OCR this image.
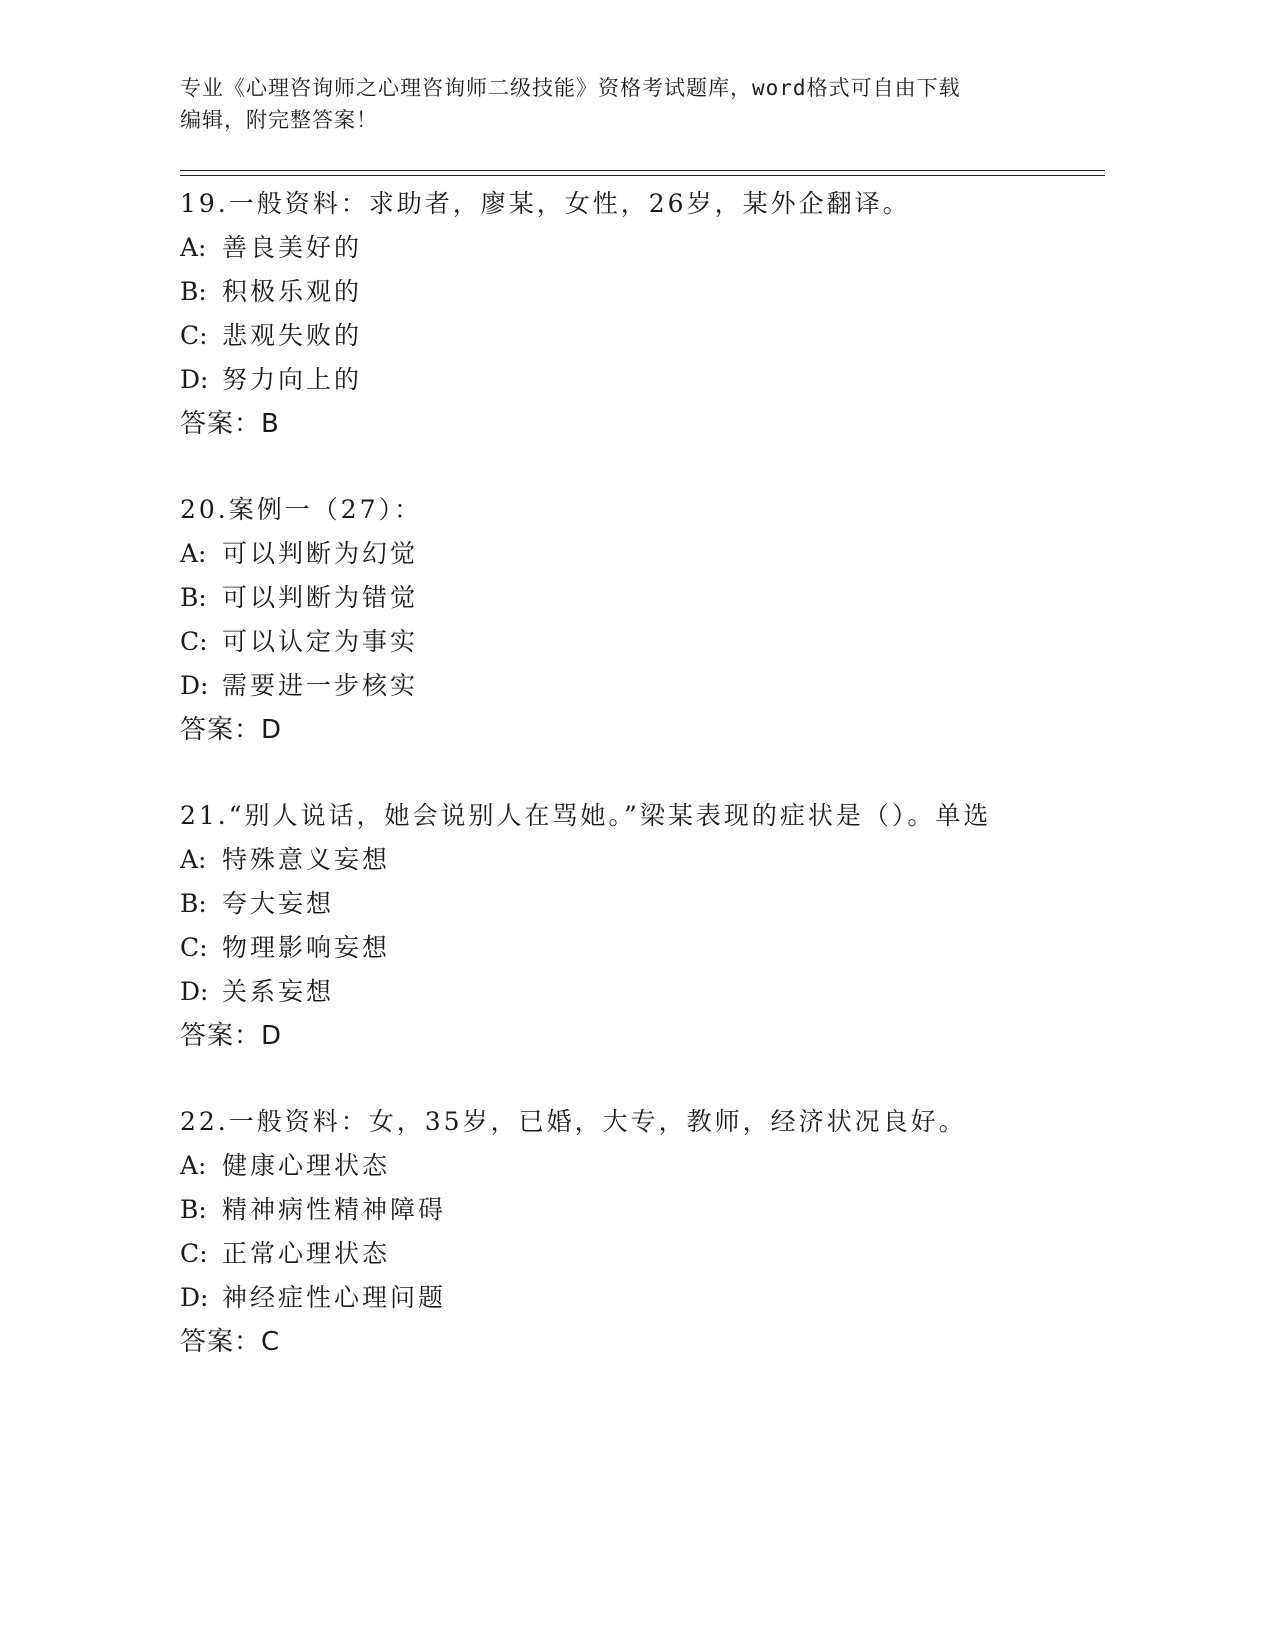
专业《心理咨询师之心理咨询师二级技能》资格考试题库，word格式可自由下载
编辑，附完整答案！
19.一般资料：求助者，廖某，女性，26岁，某外企翻译。
A: 善良美好的
B: 积极乐观的
C: 悲观失败的
D: 努力向上的
答案：B
20.案例一（27）：
A: 可以判断为幻觉
B: 可以判断为错觉
C: 可以认定为事实
D: 需要进一步核实
答案：D
21.“别人说话，她会说别人在骂她。”梁某表现的症状是（）。单选
A: 特殊意义妄想
B: 夸大妄想
C: 物理影响妄想
D: 关系妄想
答案：D
22.一般资料：女，35岁，已婚，大专，教师，经济状况良好。
A: 健康心理状态
B: 精神病性精神障碍
C: 正常心理状态
D: 神经症性心理问题
答案：C
